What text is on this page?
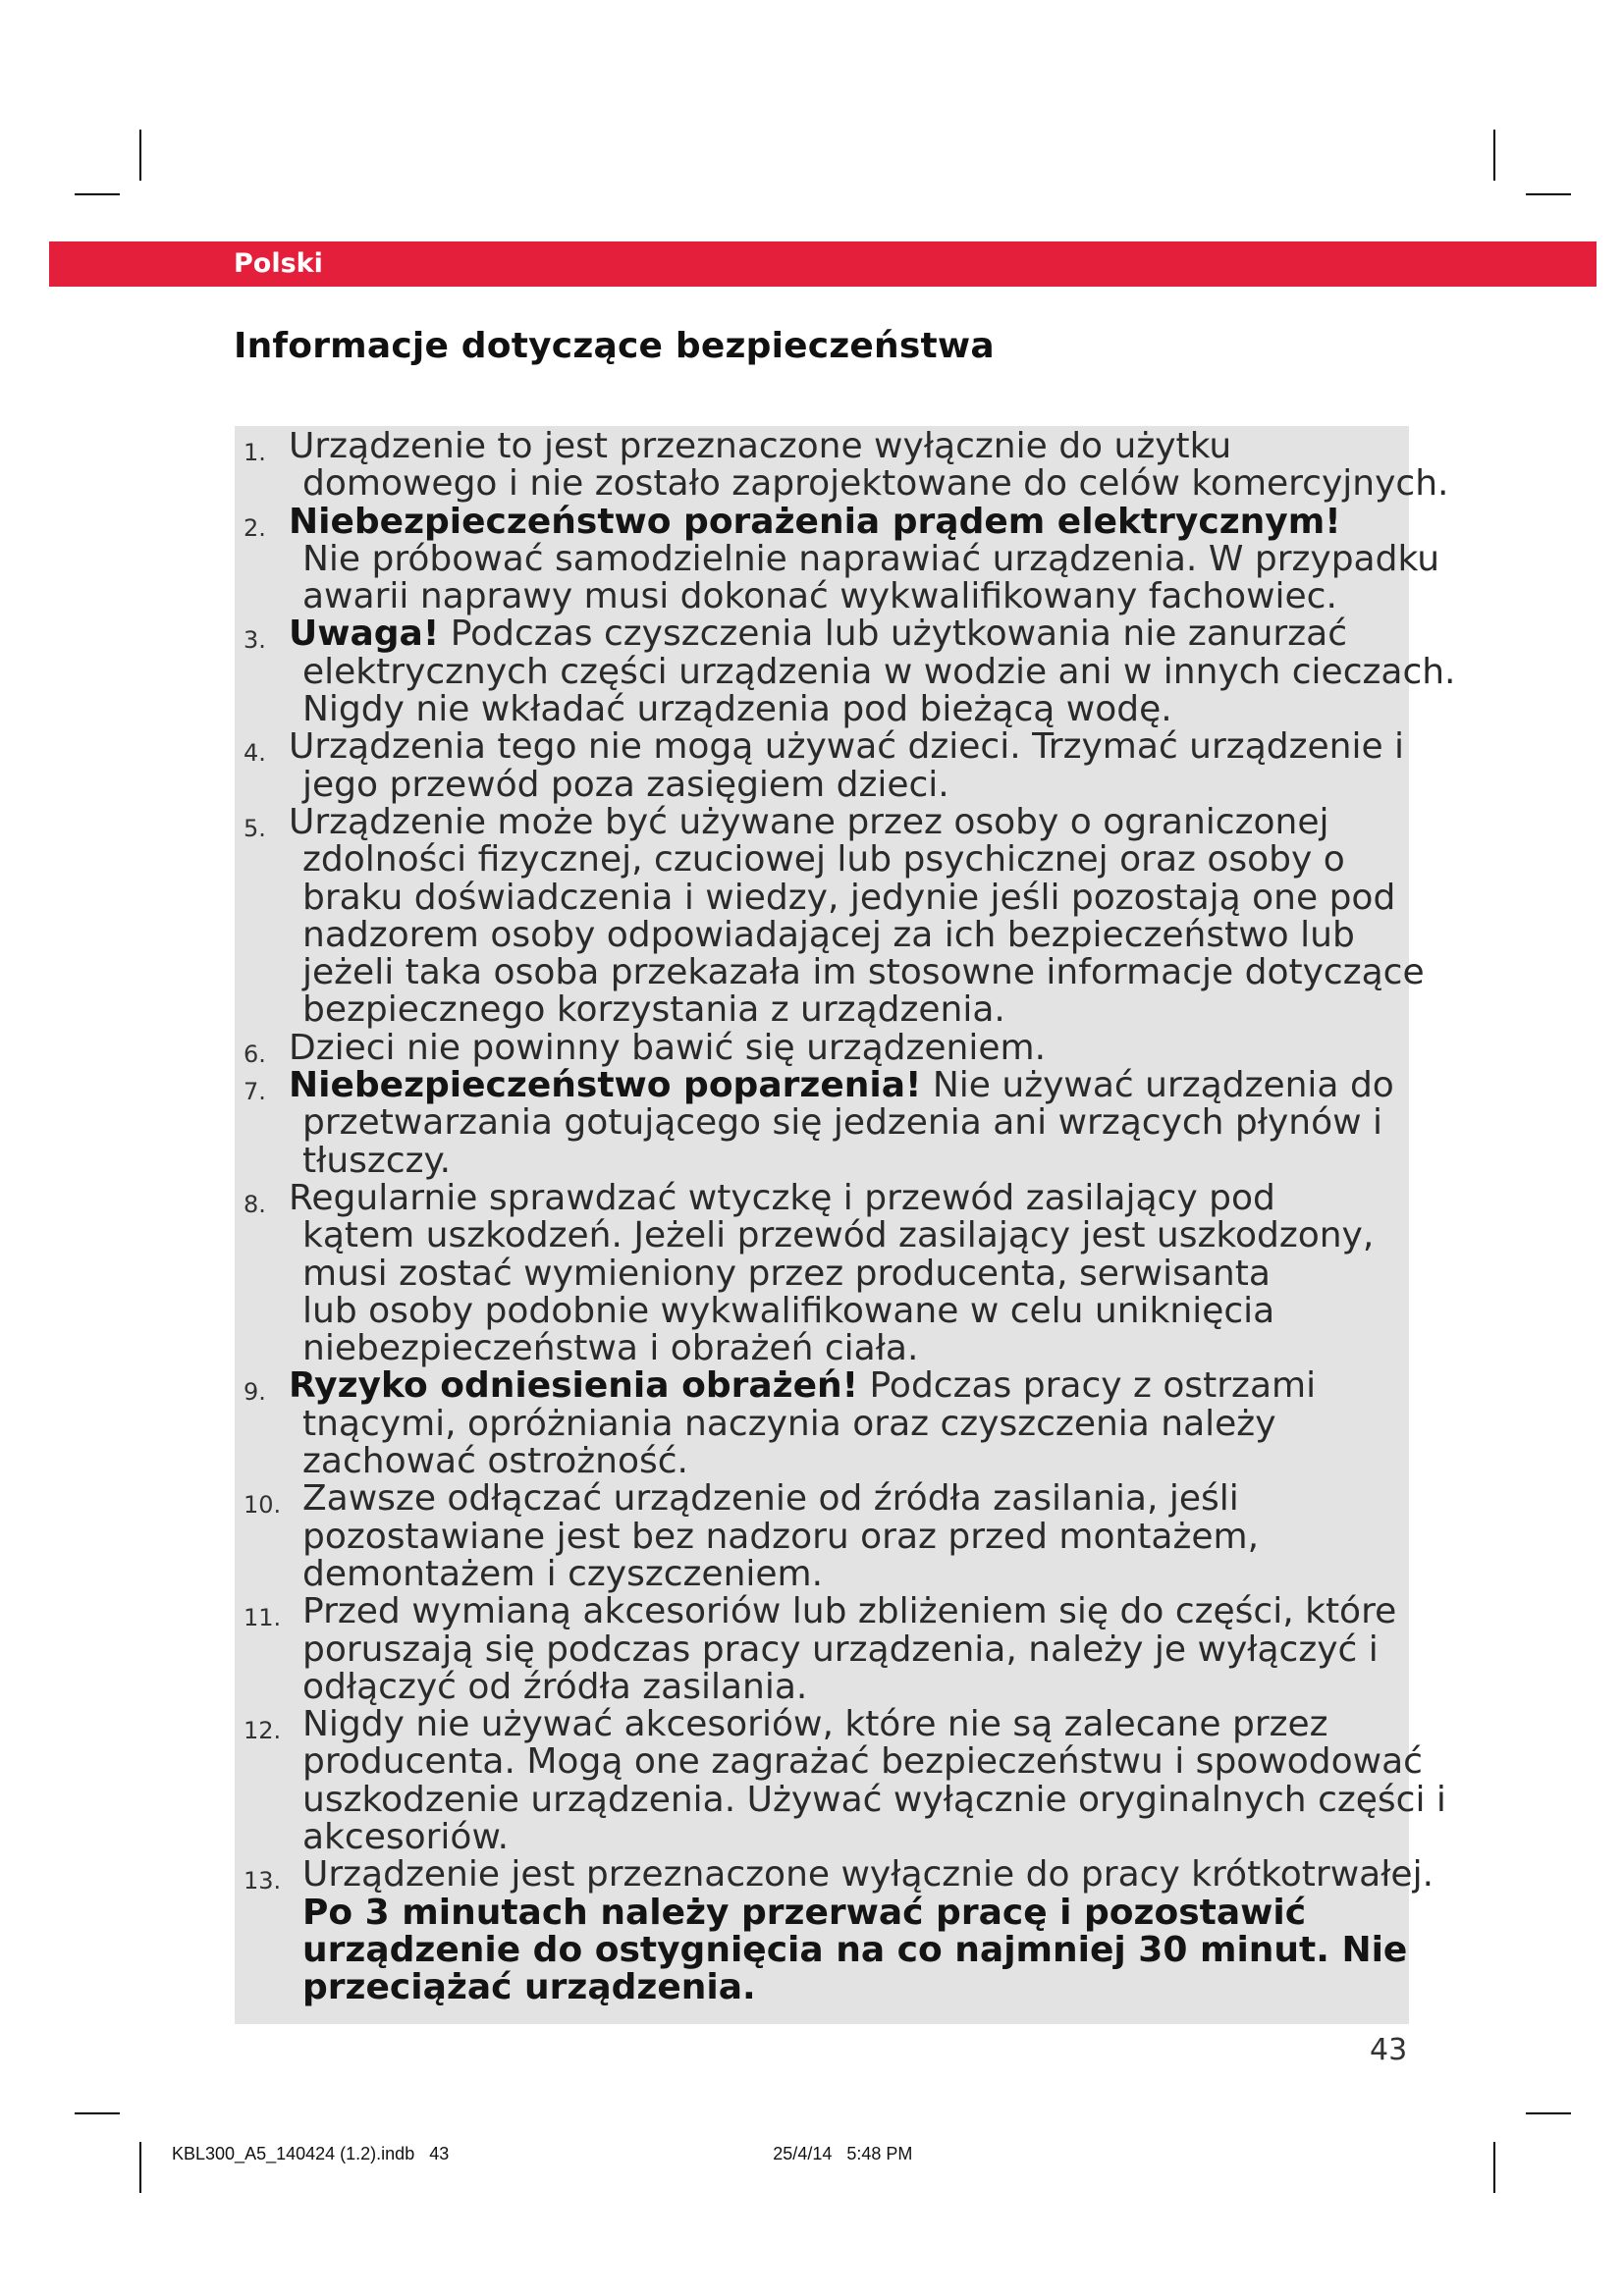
Polski
Informacje dotyczące bezpieczeństwa
1. Urządzenie to jest przeznaczone wyłącznie do użytku
domowego i nie zostało zaprojektowane do celów komercyjnych.
2. Niebezpieczeństwo porażenia prądem elektrycznym!
Nie próbować samodzielnie naprawiać urządzenia. W przypadku
awarii naprawy musi dokonać wykwalifikowany fachowiec.
3. Uwaga! Podczas czyszczenia lub użytkowania nie zanurzać
elektrycznych części urządzenia w wodzie ani w innych cieczach.
Nigdy nie wkładać urządzenia pod bieżącą wodę.
4. Urządzenia tego nie mogą używać dzieci. Trzymać urządzenie i
jego przewód poza zasięgiem dzieci.
5. Urządzenie może być używane przez osoby o ograniczonej
zdolności fizycznej, czuciowej lub psychicznej oraz osoby o
braku doświadczenia i wiedzy, jedynie jeśli pozostają one pod
nadzorem osoby odpowiadającej za ich bezpieczeństwo lub
jeżeli taka osoba przekazała im stosowne informacje dotyczące
bezpiecznego korzystania z urządzenia.
6. Dzieci nie powinny bawić się urządzeniem.
7. Niebezpieczeństwo poparzenia! Nie używać urządzenia do
przetwarzania gotującego się jedzenia ani wrzących płynów i
tłuszczy.
8. Regularnie sprawdzać wtyczkę i przewód zasilający pod
kątem uszkodzeń. Jeżeli przewód zasilający jest uszkodzony,
musi zostać wymieniony przez producenta, serwisanta
lub osoby podobnie wykwalifikowane w celu uniknięcia
niebezpieczeństwa i obrażeń ciała.
9. Ryzyko odniesienia obrażeń! Podczas pracy z ostrzami
tnącymi, opróżniania naczynia oraz czyszczenia należy
zachować ostrożność.
10. Zawsze odłączać urządzenie od źródła zasilania, jeśli
pozostawiane jest bez nadzoru oraz przed montażem,
demontażem i czyszczeniem.
11. Przed wymianą akcesoriów lub zbliżeniem się do części, które
poruszają się podczas pracy urządzenia, należy je wyłączyć i
odłączyć od źródła zasilania.
12. Nigdy nie używać akcesoriów, które nie są zalecane przez
producenta. Mogą one zagrażać bezpieczeństwu i spowodować
uszkodzenie urządzenia. Używać wyłącznie oryginalnych części i
akcesoriów.
13. Urządzenie jest przeznaczone wyłącznie do pracy krótkotrwałej.
Po 3 minutach należy przerwać pracę i pozostawić
urządzenie do ostygnięcia na co najmniej 30 minut. Nie
przeciążać urządzenia.
43
KBL300_A5_140424 (1.2).indb   43                                                                  25/4/14   5:48 PM
